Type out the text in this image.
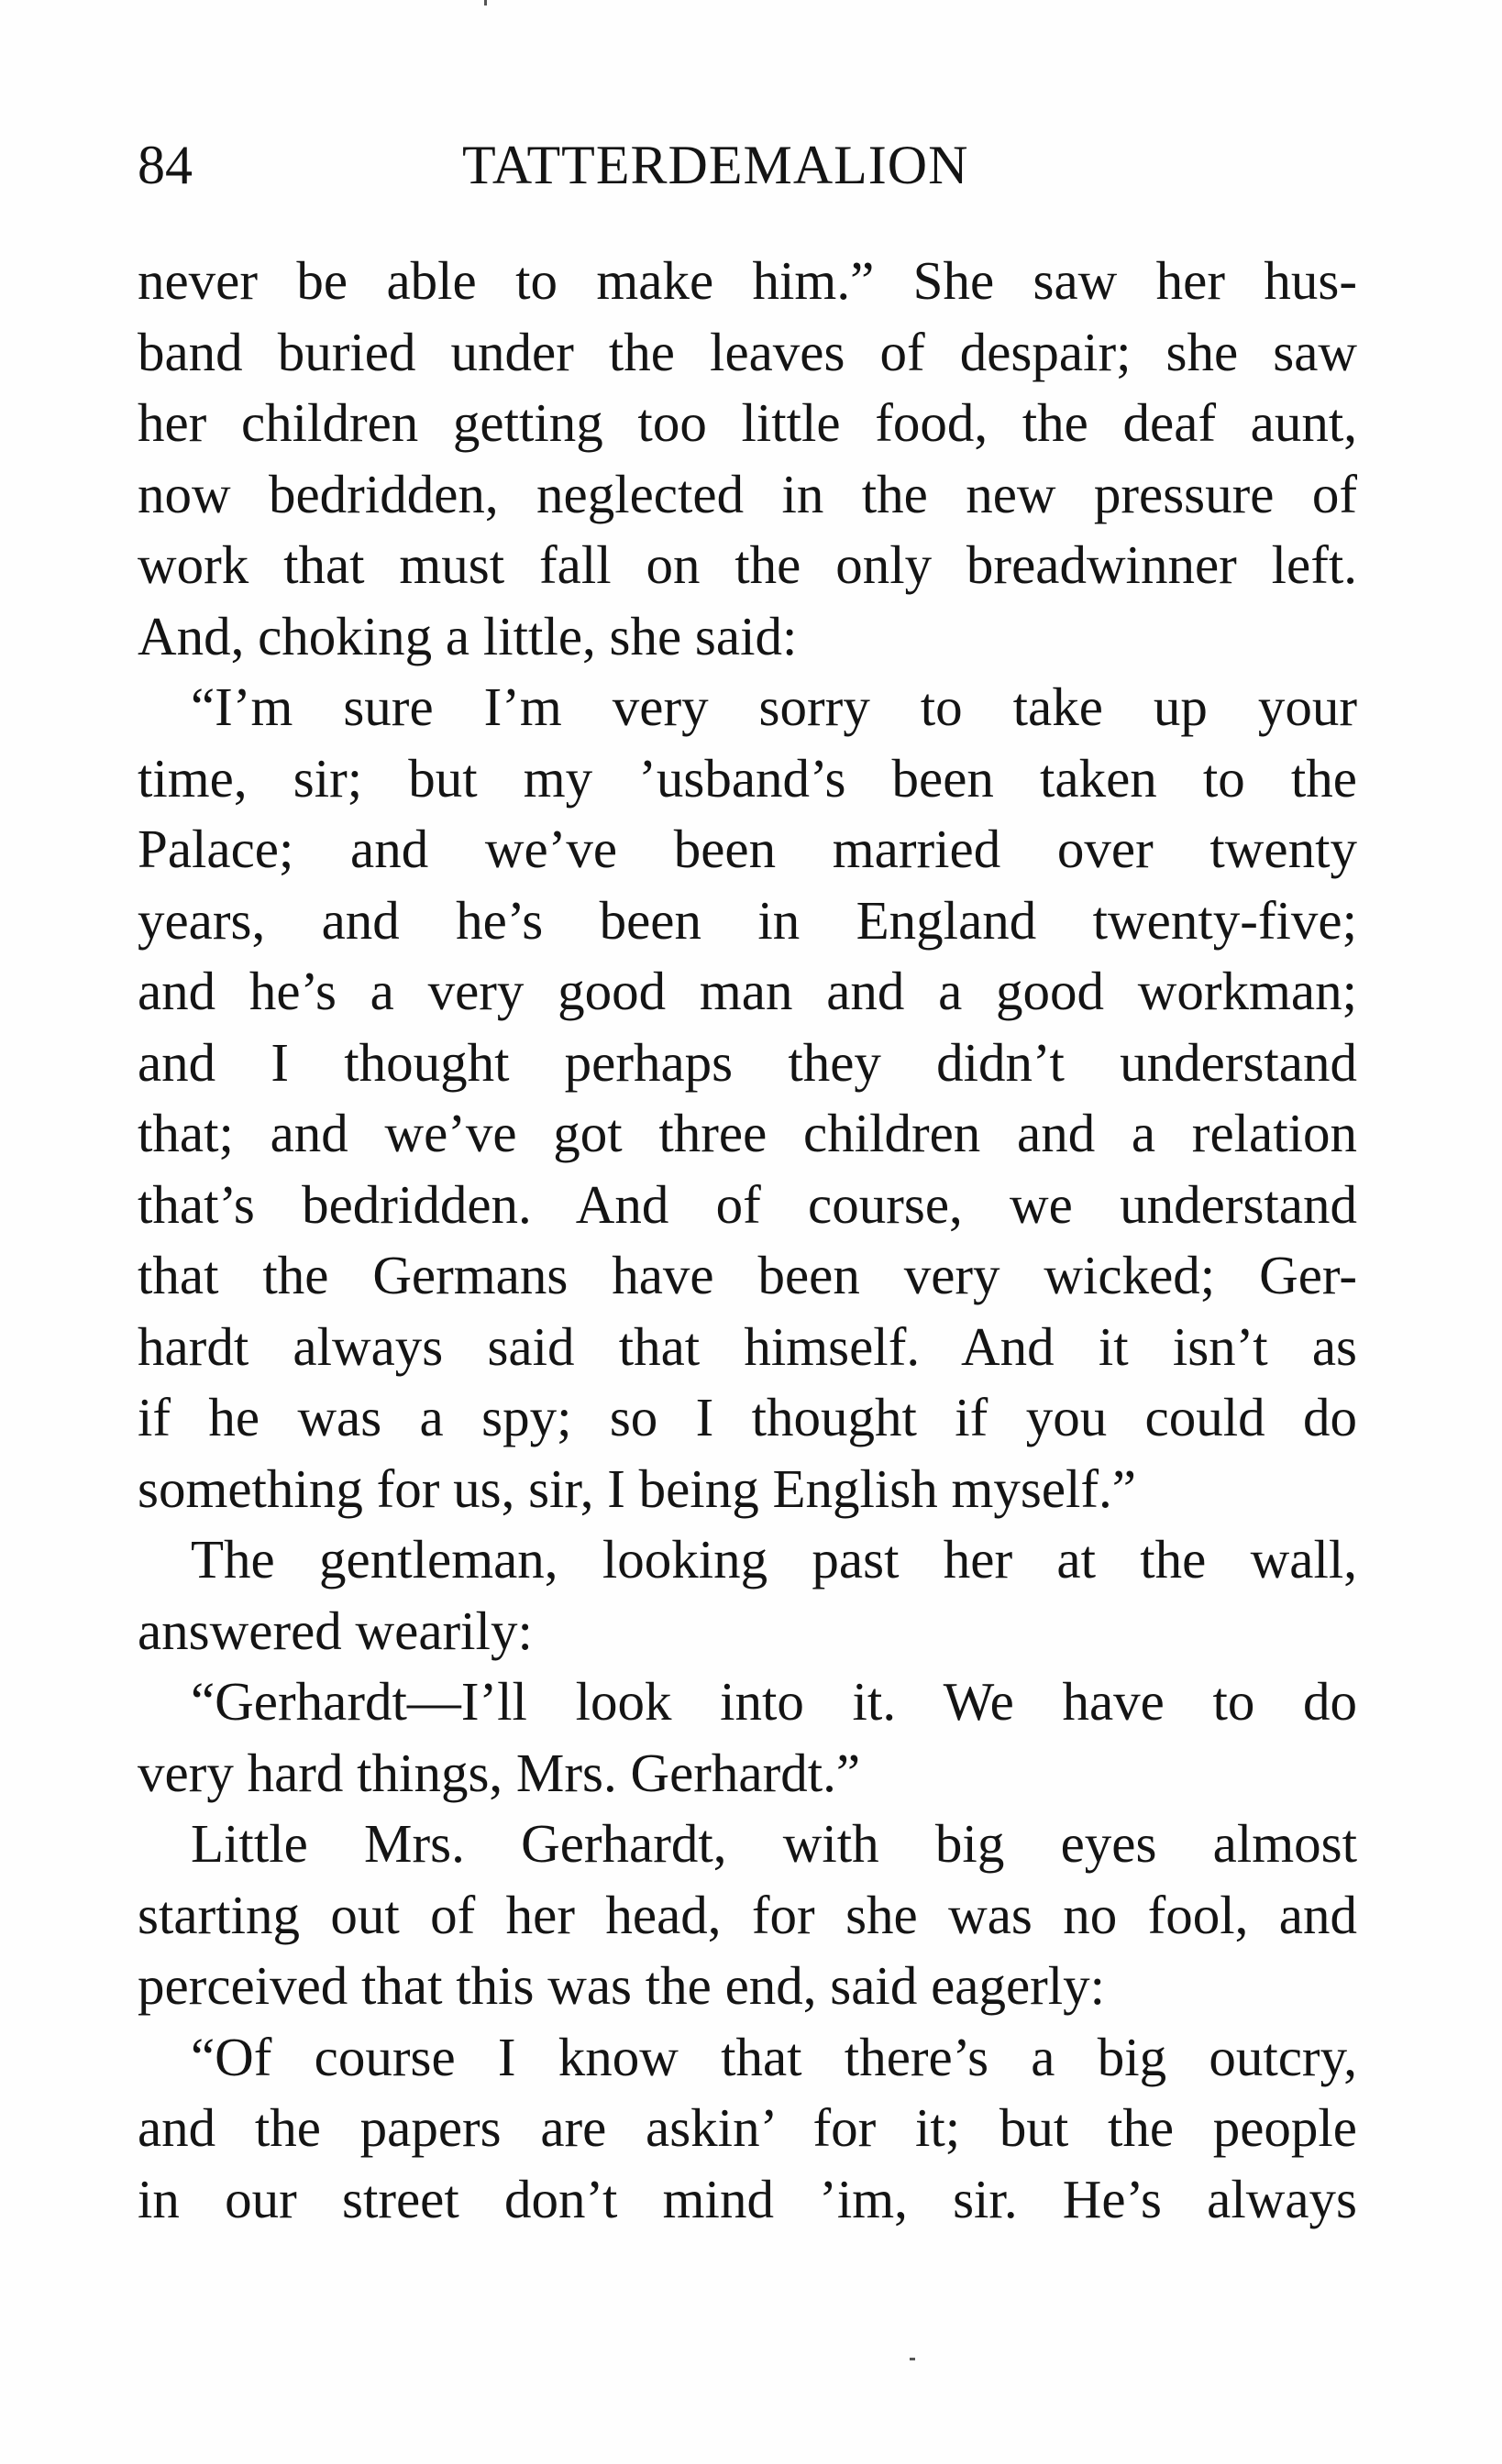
84	TATTERDEMALION
never be able to make him.” She saw her hus-
band buried under the leaves of despair; she saw
her children getting too little food, the deaf aunt,
now bedridden, neglected in the new pressure of
work that must fall on the only breadwinner left.
And, choking a little, she said:
“I’m sure I’m very sorry to take up your
time, sir; but my ’usband’s been taken to the
Palace; and we’ve been married over twenty
years, and he’s been in England twenty-five;
and he’s a very good man and a good workman;
and I thought perhaps they didn’t understand
that; and we’ve got three children and a relation
that’s bedridden. And of course, we understand
that the Germans have been very wicked; Ger-
hardt always said that himself. And it isn’t as
if he was a spy; so I thought if you could do
something for us, sir, I being English myself.”
The gentleman, looking past her at the wall,
answered wearily:
“Gerhardt—I’ll look into it. We have to do
very hard things, Mrs. Gerhardt.”
Little Mrs. Gerhardt, with big eyes almost
starting out of her head, for she was no fool, and
perceived that this was the end, said eagerly:
“Of course I know that there’s a big outcry,
and the papers are askin’ for it; but the people
in our street don’t mind ’im, sir. He’s always
